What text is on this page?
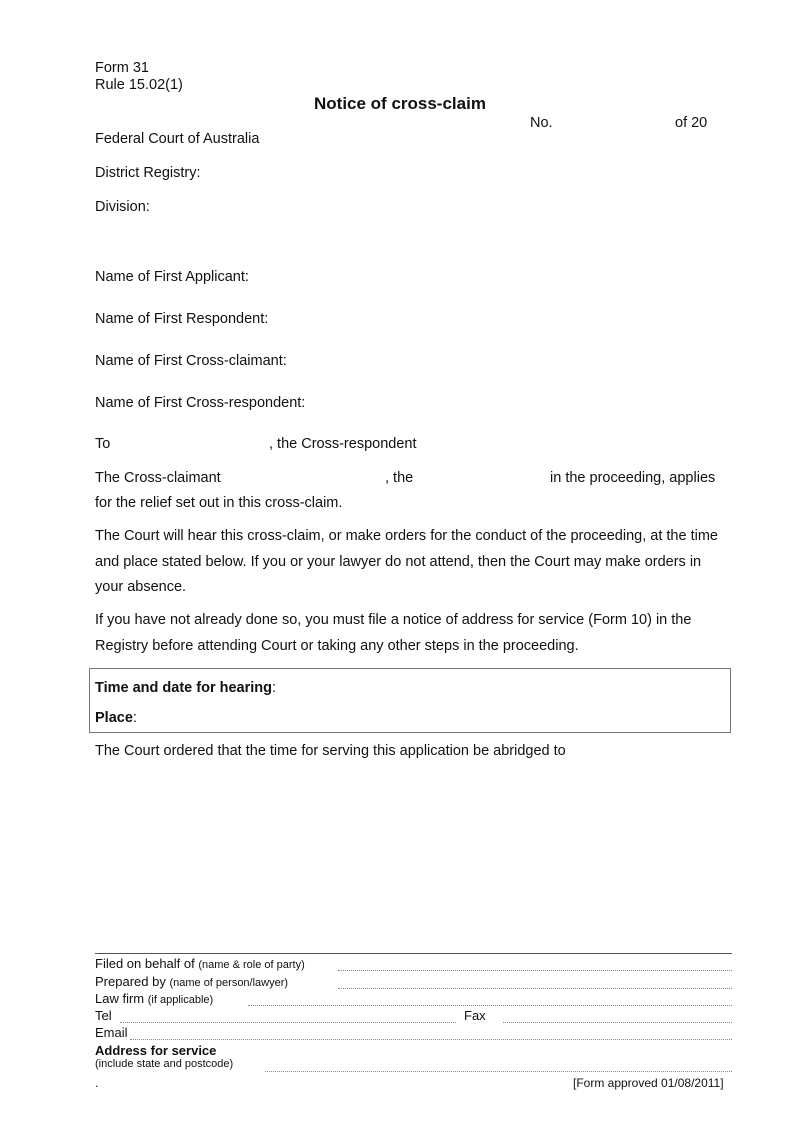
Form 31
Rule 15.02(1)
Notice of cross-claim
No.	of 20
Federal Court of Australia
District Registry:
Division:
Name of First Applicant:
Name of First Respondent:
Name of First Cross-claimant:
Name of First Cross-respondent:
To	, the Cross-respondent
The Cross-claimant	, the	in the proceeding, applies
for the relief set out in this cross-claim.
The Court will hear this cross-claim, or make orders for the conduct of the proceeding, at the time and place stated below. If you or your lawyer do not attend, then the Court may make orders in your absence.
If you have not already done so, you must file a notice of address for service (Form 10) in the Registry before attending Court or taking any other steps in the proceeding.
Time and date for hearing:
Place:
The Court ordered that the time for serving this application be abridged to
Filed on behalf of (name & role of party)
Prepared by (name of person/lawyer)
Law firm (if applicable)
Tel	Fax
Email
Address for service
(include state and postcode)
.	[Form approved 01/08/2011]
